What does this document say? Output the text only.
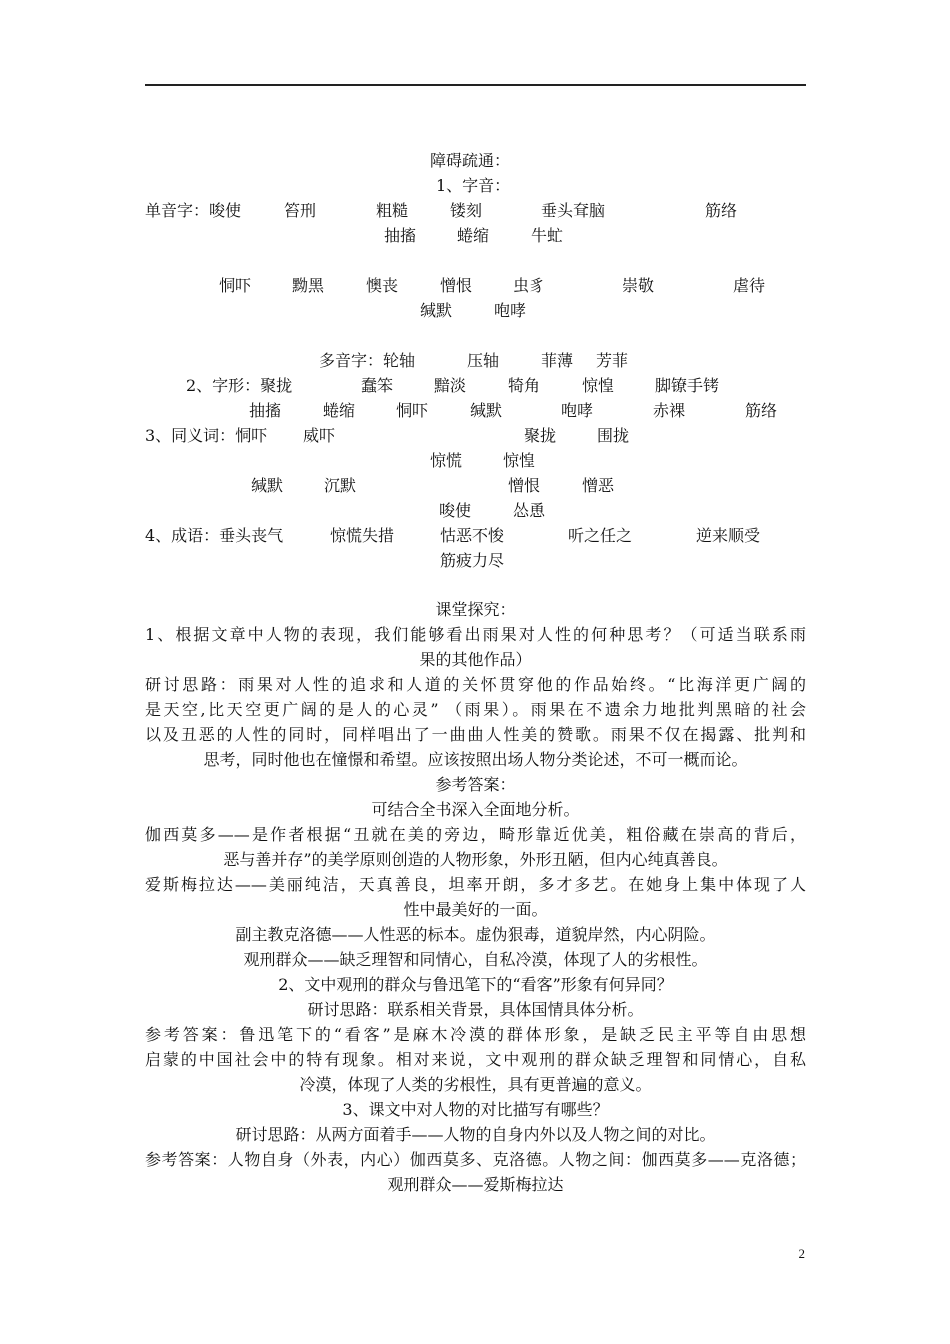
障碍疏通：
1、字音：
单音字：唆使	笞刑	粗糙	镂刻	垂头耷脑	筋络
抽搐	蜷缩	牛虻
恫吓	黝黑	懊丧	憎恨	虫豸	崇敬	虐待
缄默	咆哮
多音字：轮轴	压轴	菲薄 芳菲
2、字形：聚拢	蠢笨	黯淡	犄角	惊惶	脚镣手铐
抽搐	蜷缩	恫吓	缄默	咆哮	赤裸	筋络
3、同义词：恫吓 威吓	聚拢	围拢
惊慌	惊惶
缄默	沉默	憎恨	憎恶
唆使	怂恿
4、成语：垂头丧气	惊慌失措	怙恶不悛	听之任之	逆来顺受
筋疲力尽
课堂探究：
1、根据文章中人物的表现，我们能够看出雨果对人性的何种思考？（可适当联系雨
果的其他作品）
研讨思路：雨果对人性的追求和人道的关怀贯穿他的作品始终。“比海洋更广阔的
是天空,比天空更广阔的是人的心灵” （雨果）。雨果在不遗余力地批判黑暗的社会
以及丑恶的人性的同时，同样唱出了一曲曲人性美的赞歌。雨果不仅在揭露、批判和
思考，同时他也在憧憬和希望。应该按照出场人物分类论述，不可一概而论。
参考答案：
可结合全书深入全面地分析。
伽西莫多——是作者根据“丑就在美的旁边，畸形靠近优美，粗俗藏在崇高的背后，
恶与善并存”的美学原则创造的人物形象，外形丑陋，但内心纯真善良。
爱斯梅拉达——美丽纯洁，天真善良，坦率开朗，多才多艺。在她身上集中体现了人
性中最美好的一面。
副主教克洛德——人性恶的标本。虚伪狠毒，道貌岸然，内心阴险。
观刑群众——缺乏理智和同情心，自私冷漠，体现了人的劣根性。
2、文中观刑的群众与鲁迅笔下的“看客”形象有何异同？
研讨思路：联系相关背景，具体国情具体分析。
参考答案：鲁迅笔下的“看客”是麻木冷漠的群体形象，是缺乏民主平等自由思想
启蒙的中国社会中的特有现象。相对来说，文中观刑的群众缺乏理智和同情心，自私
冷漠，体现了人类的劣根性，具有更普遍的意义。
3、课文中对人物的对比描写有哪些？
研讨思路：从两方面着手——人物的自身内外以及人物之间的对比。
参考答案：人物自身（外表，内心）伽西莫多、克洛德。人物之间：伽西莫多——克洛德；
观刑群众——爱斯梅拉达
2
